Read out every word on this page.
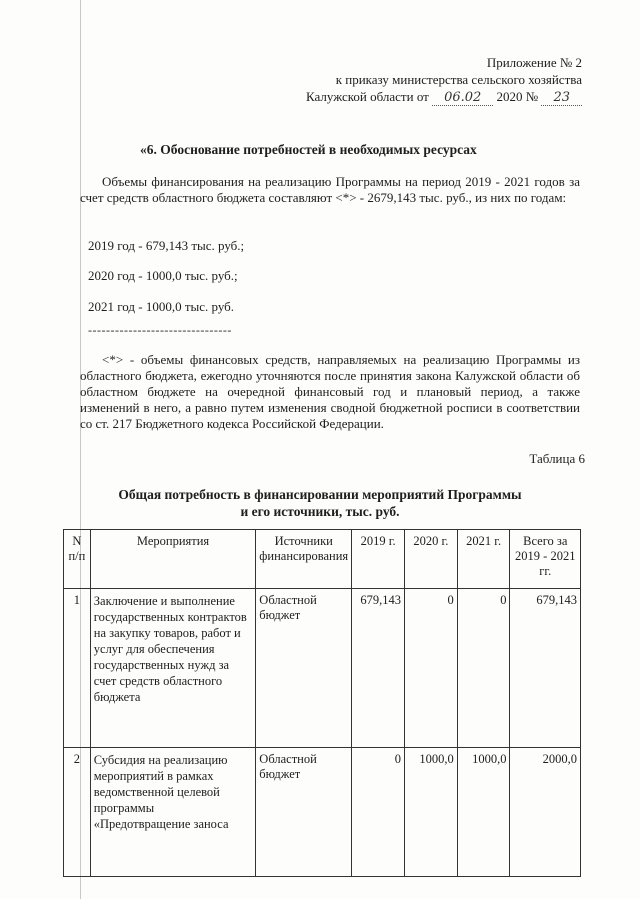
Приложение № 2
к приказу министерства сельского хозяйства
Калужской области от 06.02 2020 № 23
«6. Обоснование потребностей в необходимых ресурсах
Объемы финансирования на реализацию Программы на период 2019 - 2021 годов за счет средств областного бюджета составляют <*> - 2679,143 тыс. руб., из них по годам:
2019 год - 679,143 тыс. руб.;
2020 год - 1000,0 тыс. руб.;
2021 год - 1000,0 тыс. руб.
--------------------------------
<*> - объемы финансовых средств, направляемых на реализацию Программы из областного бюджета, ежегодно уточняются после принятия закона Калужской области об областном бюджете на очередной финансовый год и плановый период, а также изменений в него, а равно путем изменения сводной бюджетной росписи в соответствии со ст. 217 Бюджетного кодекса Российской Федерации.
Таблица 6
Общая потребность в финансировании мероприятий Программы
и его источники, тыс. руб.
N п/п	Мероприятия	Источники финансирования	2019 г.	2020 г.	2021 г.	Всего за 2019 - 2021 гг.
1	Заключение и выполнение государственных контрактов на закупку товаров, работ и услуг для обеспечения государственных нужд за счет средств областного бюджета	Областной бюджет	679,143	0	0	679,143
2	Субсидия на реализацию мероприятий в рамках ведомственной целевой программы «Предотвращение заноса	Областной бюджет	0	1000,0	1000,0	2000,0
